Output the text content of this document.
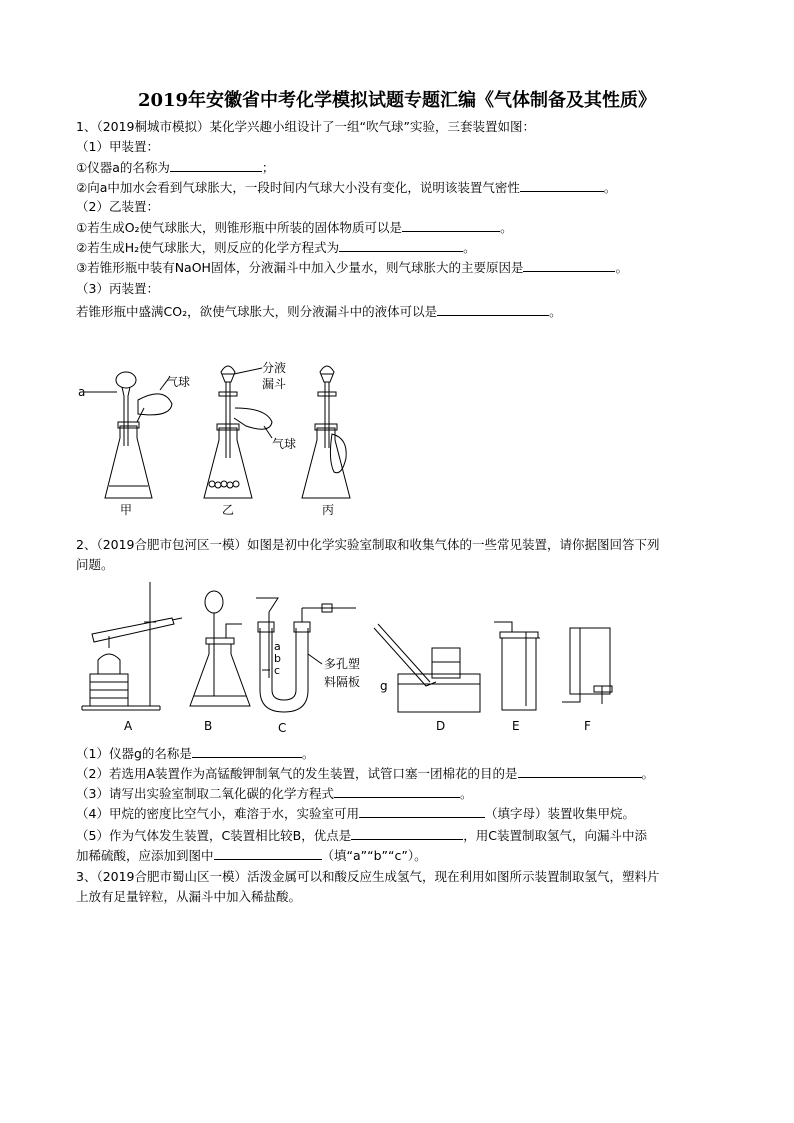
2019年安徽省中考化学模拟试题专题汇编《气体制备及其性质》
1、（2019桐城市模拟）某化学兴趣小组设计了一组“吹气球”实验，三套装置如图：
（1）甲装置：
①仪器a的名称为	；
②向a中加水会看到气球胀大，一段时间内气球大小没有变化，说明该装置气密性	。
（2）乙装置：
①若生成O₂使气球胀大，则锥形瓶中所装的固体物质可以是	。
②若生成H₂使气球胀大，则反应的化学方程式为	。
③若锥形瓶中装有NaOH固体，分液漏斗中加入少量水，则气球胀大的主要原因是	。
（3）丙装置：
若锥形瓶中盛满CO₂，欲使气球胀大，则分液漏斗中的液体可以是	。
a
气球
分液
漏斗
气球
甲	乙	丙
2、（2019合肥市包河区一模）如图是初中化学实验室制取和收集气体的一些常见装置，请你据图回答下列
问题。
A	B	C	D	E	F
g
a
b
c	多孔塑
料隔板
（1）仪器g的名称是	。
（2）若选用A装置作为高锰酸钾制氧气的发生装置，试管口塞一团棉花的目的是	。
（3）请写出实验室制取二氧化碳的化学方程式	。
（4）甲烷的密度比空气小，难溶于水，实验室可用	（填字母）装置收集甲烷。
（5）作为气体发生装置，C装置相比较B，优点是	，用C装置制取氢气，向漏斗中添
加稀硫酸，应添加到图中	（填“a”“b”“c”）。
3、（2019合肥市蜀山区一模）活泼金属可以和酸反应生成氢气，现在利用如图所示装置制取氢气，塑料片
上放有足量锌粒，从漏斗中加入稀盐酸。
